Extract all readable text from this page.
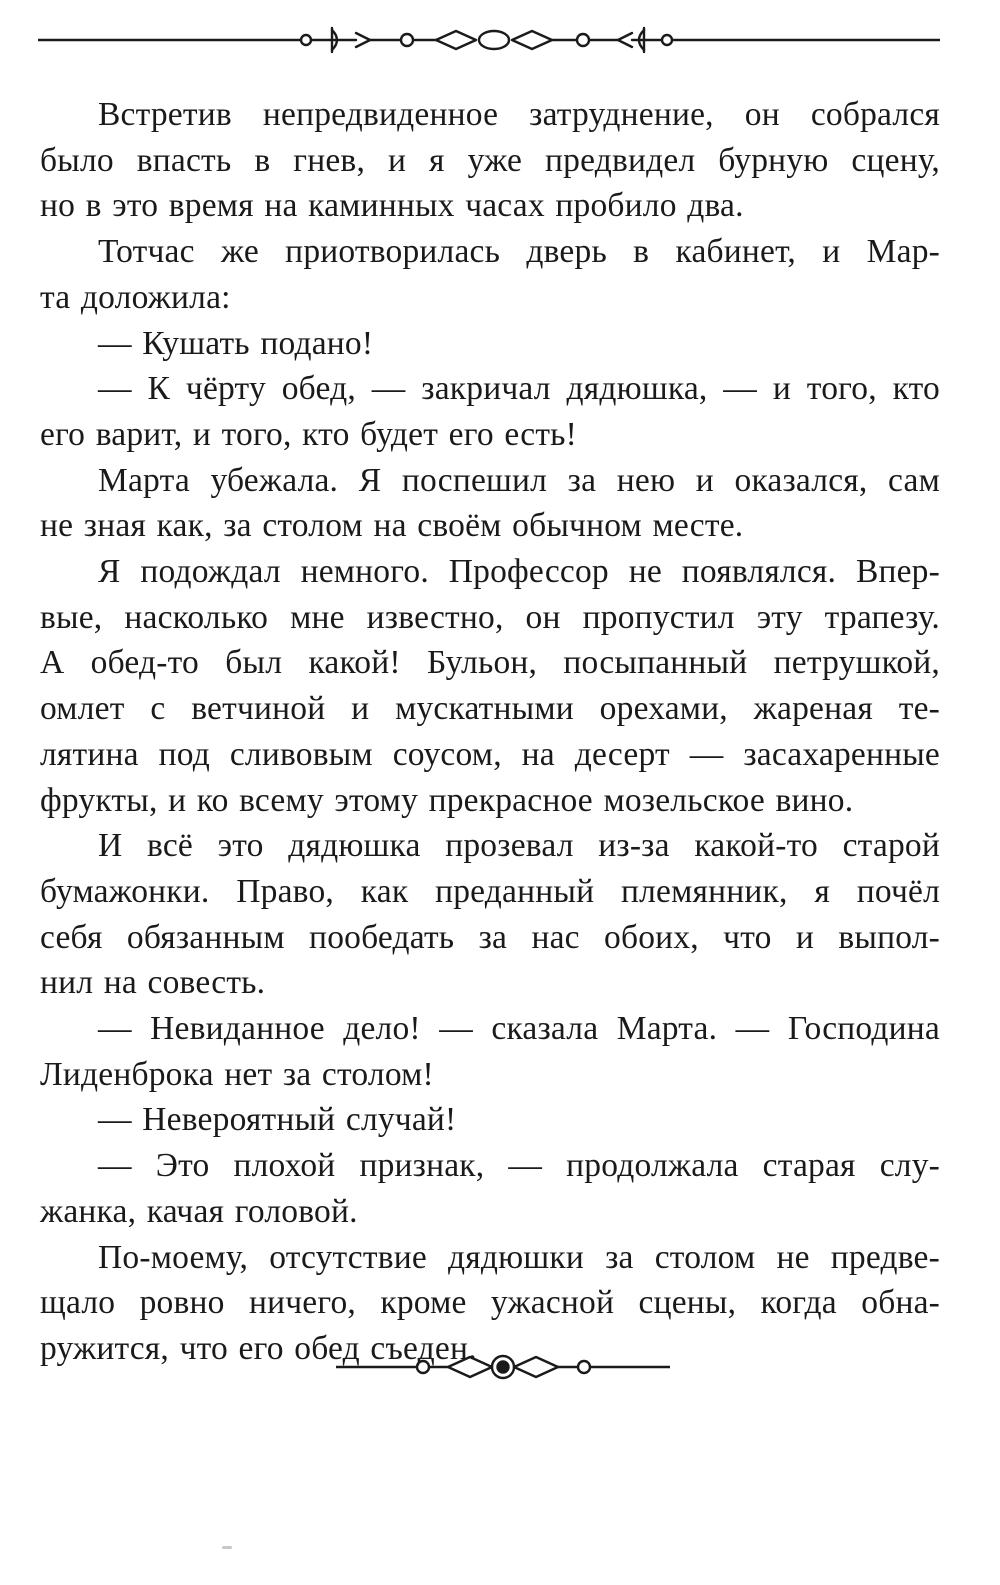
Встретив непредвиденное затруднение, он собрался
было впасть в гнев, и я уже предвидел бурную сцену,
но в это время на каминных часах пробило два.

Тотчас же приотворилась дверь в кабинет, и Мар-
та доложила:

— Кушать подано!

— К чёрту обед, — закричал дядюшка, — и того, кто
его варит, и того, кто будет его есть!

Марта убежала. Я поспешил за нею и оказался, сам
не зная как, за столом на своём обычном месте.

Я подождал немного. Профессор не появлялся. Впер-
вые, насколько мне известно, он пропустил эту трапезу.
А обед-то был какой! Бульон, посыпанный петрушкой,
омлет с ветчиной и мускатными орехами, жареная те-
лятина под сливовым соусом, на десерт — засахаренные
фрукты, и ко всему этому прекрасное мозельское вино.

И всё это дядюшка прозевал из-за какой-то старой
бумажонки. Право, как преданный племянник, я почёл
себя обязанным пообедать за нас обоих, что и выпол-
нил на совесть.

— Невиданное дело! — сказала Марта. — Господина
Лиденброка нет за столом!

— Невероятный случай!

— Это плохой признак, — продолжала старая слу-
жанка, качая головой.

По-моему, отсутствие дядюшки за столом не предве-
щало ровно ничего, кроме ужасной сцены, когда обна-
ружится, что его обед съеден.
